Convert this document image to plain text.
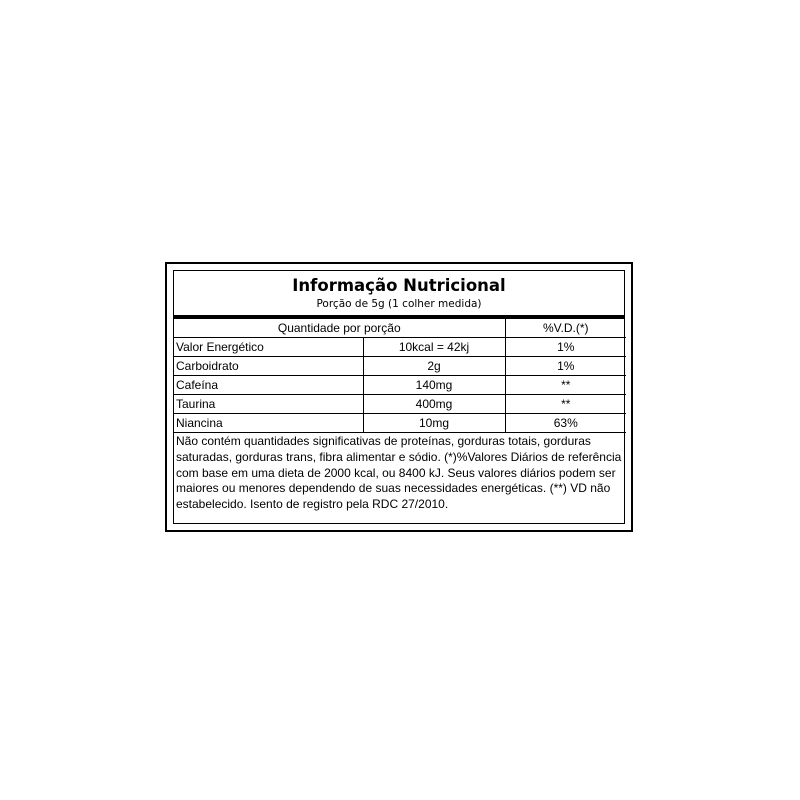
Informação Nutricional
Porção de 5g (1 colher medida)
Quantidade por porção		%V.D.(*)
Valor Energético	10kcal = 42kj	1%
Carboidrato	2g	1%
Cafeína	140mg	**
Taurina	400mg	**
Niancina	10mg	63%
Não contém quantidades significativas de proteínas, gorduras totais, gorduras saturadas, gorduras trans, fibra alimentar e sódio. (*)%Valores Diários de referência com base em uma dieta de 2000 kcal, ou 8400 kJ. Seus valores diários podem ser maiores ou menores dependendo de suas necessidades energéticas. (**) VD não estabelecido. Isento de registro pela RDC 27/2010.
